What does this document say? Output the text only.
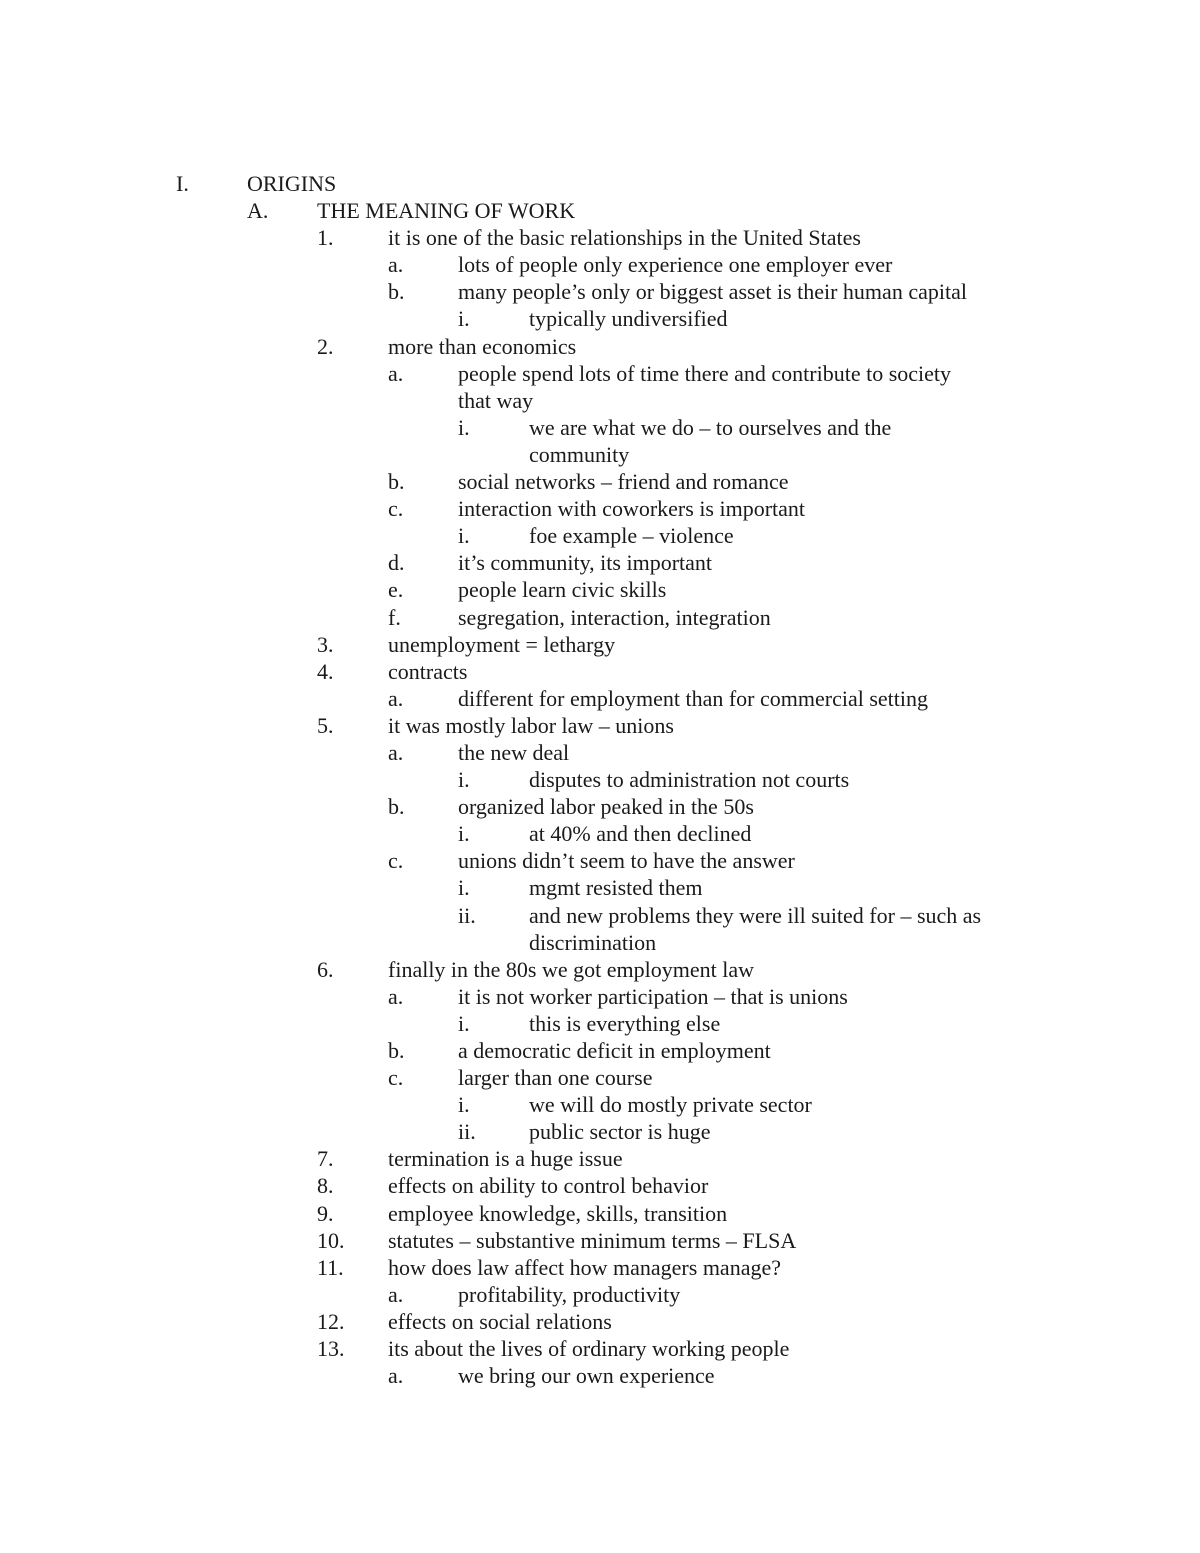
I.	ORIGINS
A. THE MEANING OF WORK
1. it is one of the basic relationships in the United States
a. lots of people only experience one employer ever
b. many people’s only or biggest asset is their human capital
i.	typically undiversified
2. more than economics
a. people spend lots of time there and contribute to society
that way
i.	we are what we do – to ourselves and the
community
b. social networks – friend and romance
c. interaction with coworkers is important
i.	foe example – violence
d. it’s community, its important
e. people learn civic skills
f.	segregation, interaction, integration
3. unemployment = lethargy
4. contracts
a. different for employment than for commercial setting
5. it was mostly labor law – unions
a. the new deal
i.	disputes to administration not courts
b. organized labor peaked in the 50s
i.	at 40% and then declined
c. unions didn’t seem to have the answer
i.	mgmt resisted them
ii. and new problems they were ill suited for – such as
discrimination
6. finally in the 80s we got employment law
a. it is not worker participation – that is unions
i.	this is everything else
b. a democratic deficit in employment
c. larger than one course
i.	we will do mostly private sector
ii. public sector is huge
7. termination is a huge issue
8. effects on ability to control behavior
9. employee knowledge, skills, transition
10. statutes – substantive minimum terms – FLSA
11. how does law affect how managers manage?
a. profitability, productivity
12. effects on social relations
13. its about the lives of ordinary working people
a. we bring our own experience
